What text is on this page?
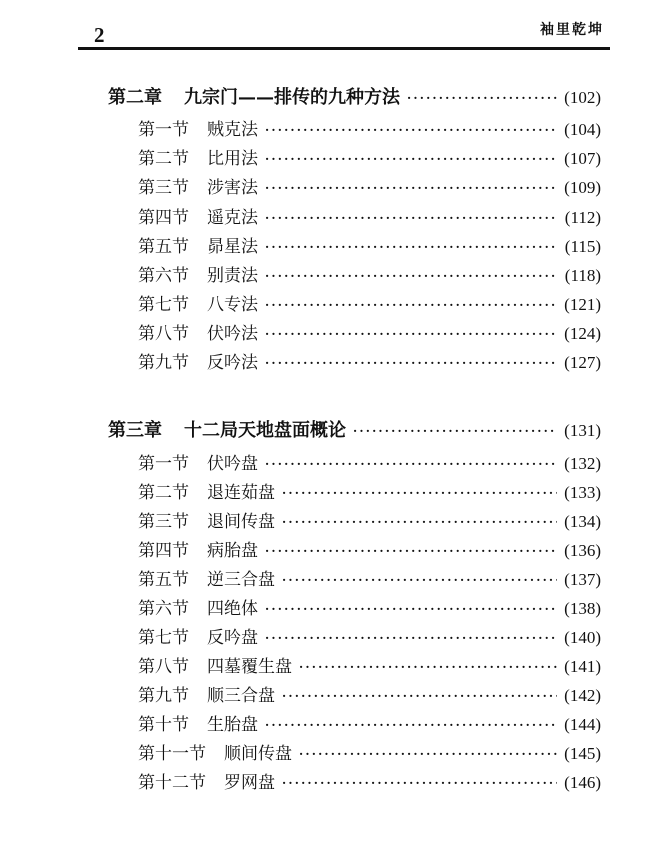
2	袖里乾坤
第二章 九宗门——排传的九种方法 · · ·	(102)
第一节 贼克法 · · ·	(104)
第二节 比用法 · · ·	(107)
第三节 涉害法 · · ·	(109)
第四节 遥克法 · · ·	(112)
第五节 昴星法 · · ·	(115)
第六节 别责法 · · ·	(118)
第七节 八专法 · · ·	(121)
第八节 伏吟法 · · ·	(124)
第九节 反吟法 · · ·	(127)
第三章 十二局天地盘面概论 · · ·	(131)
第一节 伏吟盘 · · ·	(132)
第二节 退连茹盘 · · ·	(133)
第三节 退间传盘 · · ·	(134)
第四节 病胎盘 · · ·	(136)
第五节 逆三合盘 · · ·	(137)
第六节 四绝体 · · ·	(138)
第七节 反吟盘 · · ·	(140)
第八节 四墓覆生盘 · · ·	(141)
第九节 顺三合盘 · · ·	(142)
第十节 生胎盘 · · ·	(144)
第十一节 顺间传盘 · · ·	(145)
第十二节 罗网盘 · · ·	(146)
